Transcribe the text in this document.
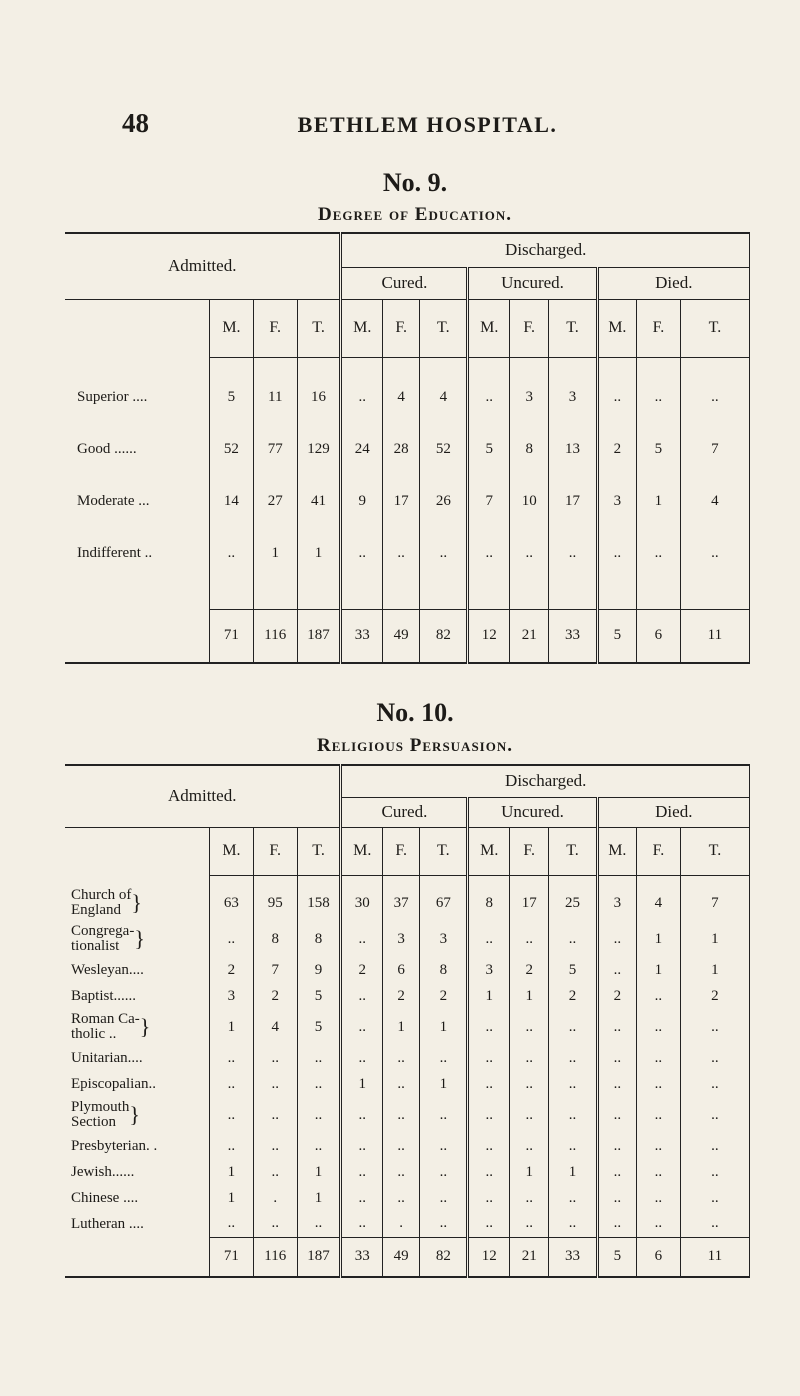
48	BETHLEM HOSPITAL.
No. 9.
Degree of Education.
Admitted.				Discharged.								
				Cured.			Uncured.			Died.		
	M.	F.	T.	M.	F.	T.	M.	F.	T.	M.	F.	T.

Superior ....	5	11	16	..	4	4	..	3	3	..	..	..
Good ......	52	77	129	24	28	52	5	8	13	2	5	7
Moderate ...	14	27	41	9	17	26	7	10	17	3	1	4
Indifferent ..	..	1	1	..	..	..	..	..	..	..	..	..

	71	116	187	33	49	82	12	21	33	5	6	11
No. 10.
Religious Persuasion.
Admitted.				Discharged.								
				Cured.			Uncured.			Died.		
	M.	F.	T.	M.	F.	T.	M.	F.	T.	M.	F.	T.

Church of
England }	63	95	158	30	37	67	8	17	25	3	4	7

Congrega-
tionalist }	..	8	8	..	3	3	..	..	..	..	1	1
Wesleyan....	2	7	9	2	6	8	3	2	5	..	1	1
Baptist......	3	2	5	..	2	2	1	1	2	2	..	2

Roman Ca-
tholic .. }	1	4	5	..	1	1	..	..	..	..	..	..
Unitarian....	..	..	..	..	..	..	..	..	..	..	..	..
Episcopalian..	..	..	..	1	..	1	..	..	..	..	..	..

Plymouth
Section }	..	..	..	..	..	..	..	..	..	..	..	..
Presbyterian. .	..	..	..	..	..	..	..	..	..	..	..	..
Jewish......	1	..	1	..	..	..	..	1	1	..	..	..
Chinese ....	1	.	1	..	..	..	..	..	..	..	..	..
Lutheran ....	..	..	..	..	.	..	..	..	..	..	..	..
	71	116	187	33	49	82	12	21	33	5	6	11
